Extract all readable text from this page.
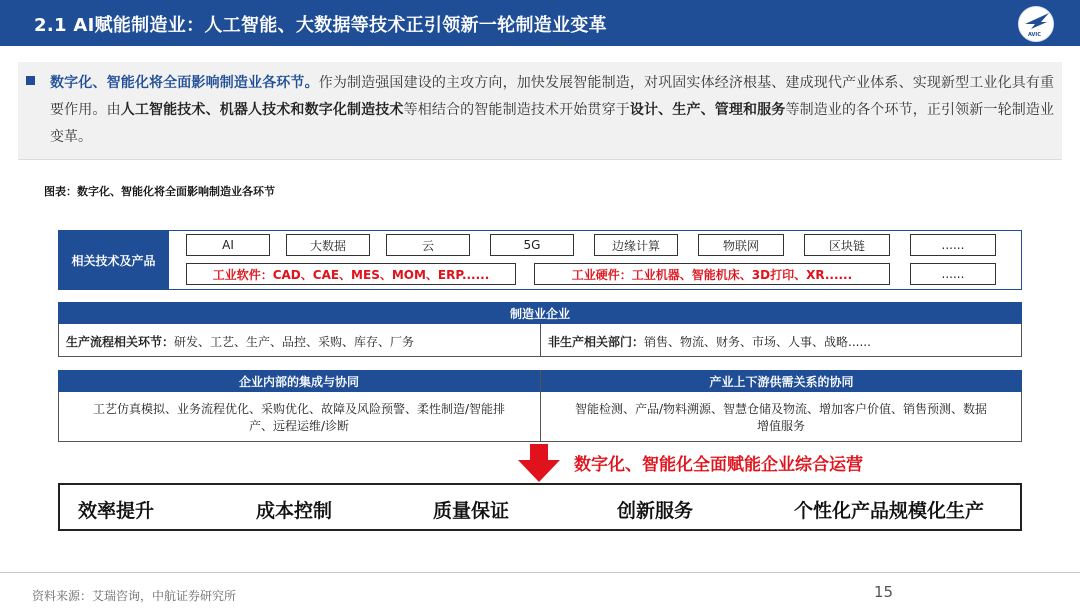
2.1 AI赋能制造业：人工智能、大数据等技术正引领新一轮制造业变革	AVIC
数字化、智能化将全面影响制造业各环节。作为制造强国建设的主攻方向，加快发展智能制造，对巩固实体经济根基、建成现代产业体系、实现新型工业化具有重要作用。由人工智能技术、机器人技术和数字化制造技术等相结合的智能制造技术开始贯穿于设计、生产、管理和服务等制造业的各个环节，正引领新一轮制造业变革。
图表：数字化、智能化将全面影响制造业各环节
相关技术及产品
AI	大数据	云	5G	边缘计算	物联网	区块链	......
工业软件：CAD、CAE、MES、MOM、ERP......	工业硬件：工业机器、智能机床、3D打印、XR......	......
制造业企业
生产流程相关环节：研发、工艺、生产、品控、采购、库存、厂务	非生产相关部门：销售、物流、财务、市场、人事、战略......
企业内部的集成与协同	产业上下游供需关系的协同
工艺仿真模拟、业务流程优化、采购优化、故障及风险预警、柔性制造/智能排
产、远程运维/诊断
智能检测、产品/物料溯源、智慧仓储及物流、增加客户价值、销售预测、数据
增值服务
数字化、智能化全面赋能企业综合运营
效率提升	成本控制	质量保证	创新服务	个性化产品规模化生产
资料来源：艾瑞咨询，中航证券研究所	15
